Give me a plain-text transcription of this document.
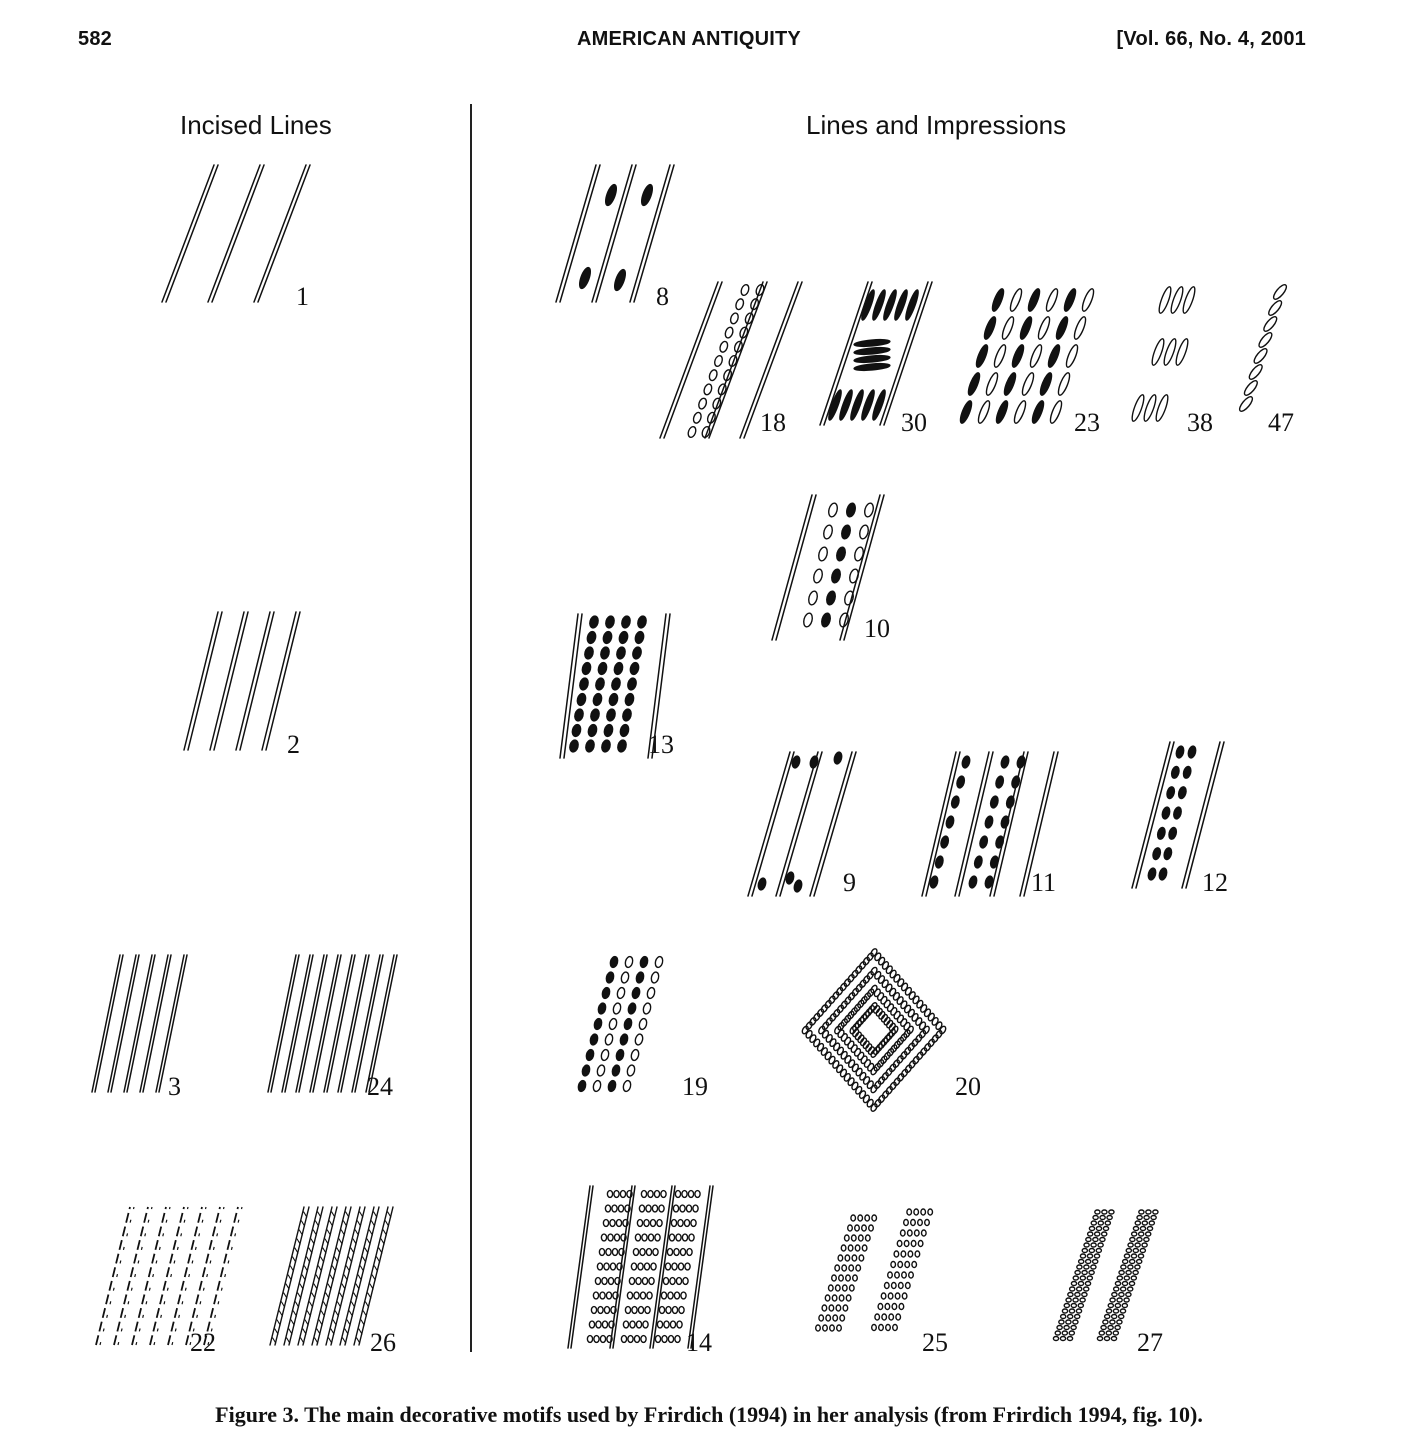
582	AMERICAN ANTIQUITY	[Vol. 66, No. 4, 2001
Incised Lines	Lines and Impressions
1
2
3	24
22	26
8
18	30	23	38 47
10
13
9	11	12
19	20
14	25	27
Figure 3. The main decorative motifs used by Frirdich (1994) in her analysis (from Frirdich 1994, fig. 10).
